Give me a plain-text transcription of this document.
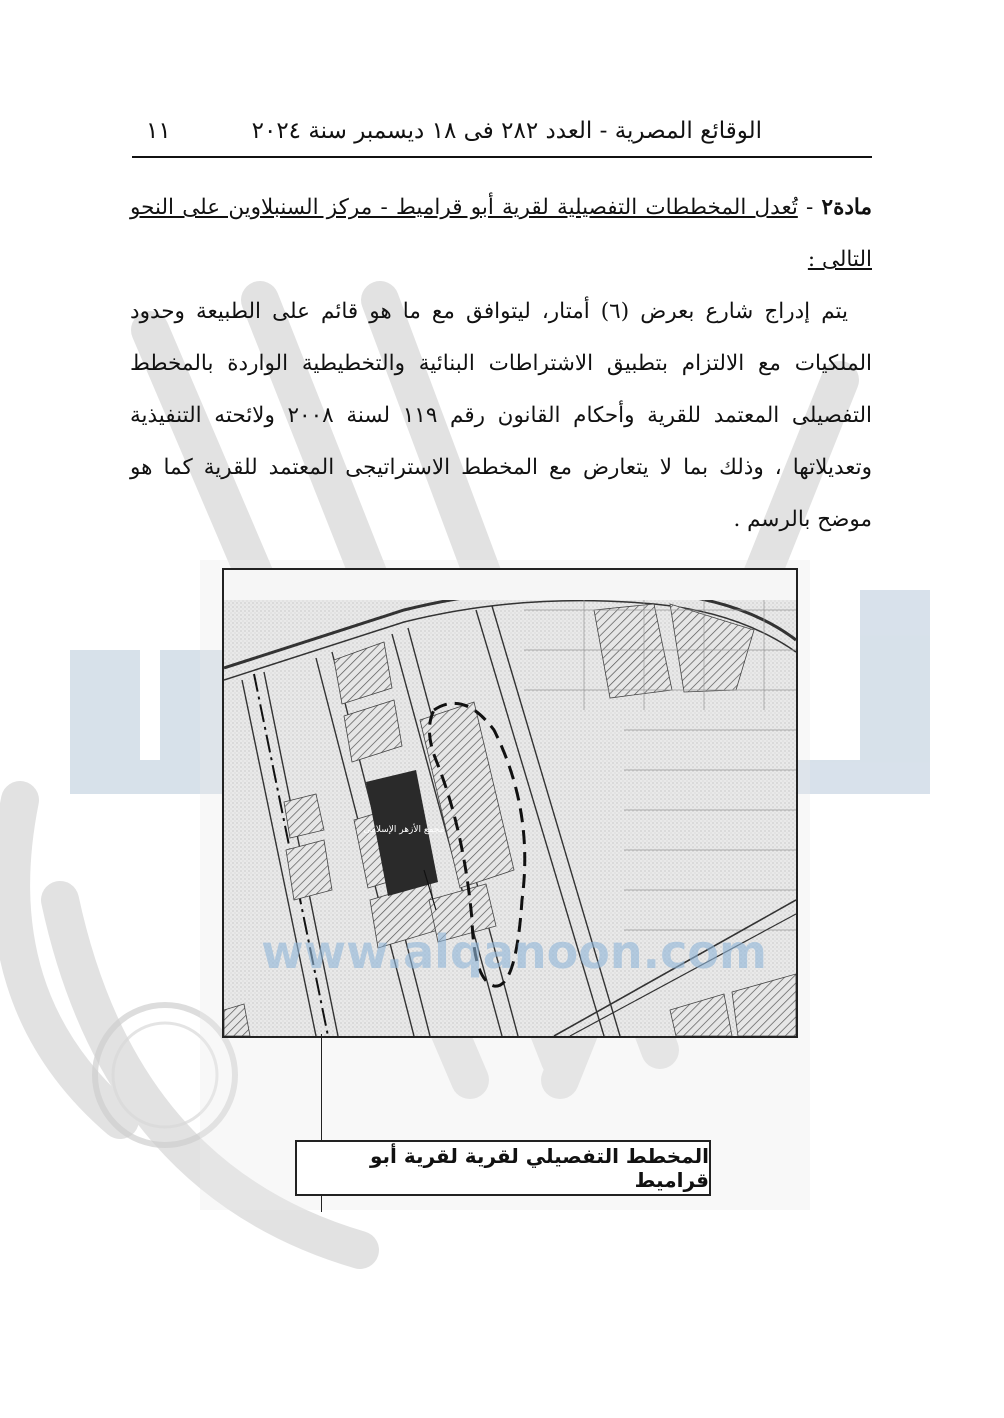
الوقائع المصرية - العدد ٢٨٢ فى ١٨ ديسمبر سنة ٢٠٢٤
١١
مادة٢ - تُعدل المخططات التفصيلية لقرية أبو قراميط - مركز السنبلاوين على النحو التالى :
يتم إدراج شارع بعرض (٦) أمتار، ليتوافق مع ما هو قائم على الطبيعة وحدود الملكيات مع الالتزام بتطبيق الاشتراطات البنائية والتخطيطية الواردة بالمخطط التفصيلى المعتمد للقرية وأحكام القانون رقم ١١٩ لسنة ٢٠٠٨ ولائحته التنفيذية وتعديلاتها ، وذلك بما لا يتعارض مع المخطط الاستراتيجى المعتمد للقرية كما هو موضح بالرسم .
مجمع الأزهر الإسلامى
www.alqanoon.com
المخطط التفصيلي لقرية لقرية أبو قراميط
